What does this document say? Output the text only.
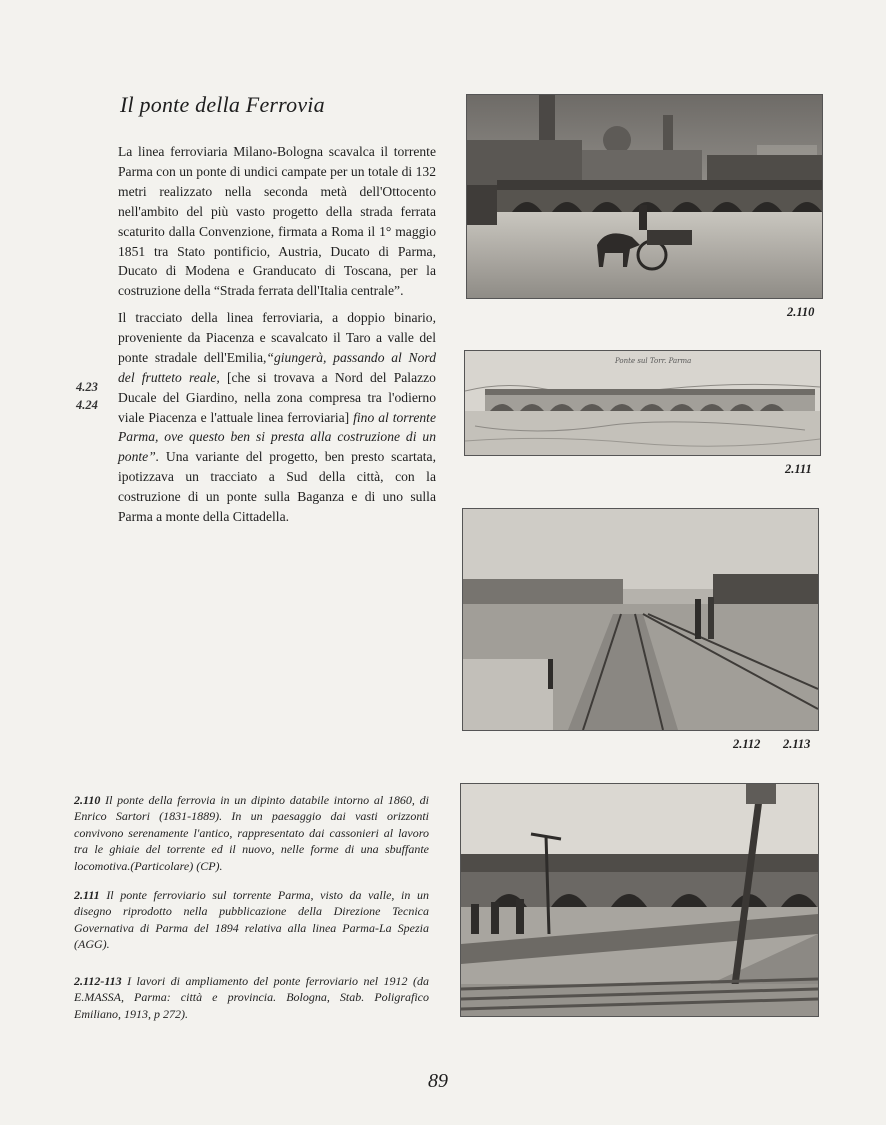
Il ponte della Ferrovia
La linea ferroviaria Milano-Bologna scavalca il torrente Parma con un ponte di undici campate per un totale di 132 metri realizzato nella seconda metà dell'Ottocento nell'ambito del più vasto progetto della strada ferrata scaturito dalla Convenzione, firmata a Roma il 1° maggio 1851 tra Stato pontificio, Austria, Ducato di Parma, Ducato di Modena e Granducato di Toscana, per la costruzione della “Strada ferrata dell'Italia centrale”.
Il tracciato della linea ferroviaria, a doppio binario, proveniente da Piacenza e scavalcato il Taro a valle del ponte stradale dell'Emilia,“giungerà, passando al Nord del frutteto reale, [che si trovava a Nord del Palazzo Ducale del Giardino, nella zona compresa tra l'odierno viale Piacenza e l'attuale linea ferroviaria] fino al torrente Parma, ove questo ben si presta alla costruzione di un ponte”. Una variante del progetto, ben presto scartata, ipotizzava un tracciato a Sud della città, con la costruzione di un ponte sulla Baganza e di uno sulla Parma a monte della Cittadella.
4.23
4.24
2.110
Ponte sul Torr. Parma
2.111
2.112 2.113
2.110 Il ponte della ferrovia in un dipinto databile intorno al 1860, di Enrico Sartori (1831-1889). In un paesaggio dai vasti orizzonti convivono serenamente l'antico, rappresentato dai cassonieri al lavoro tra le ghiaie del torrente ed il nuovo, nelle forme di una sbuffante locomotiva.(Particolare) (CP).
2.111 Il ponte ferroviario sul torrente Parma, visto da valle, in un disegno riprodotto nella pubblicazione della Direzione Tecnica Governativa di Parma del 1894 relativa alla linea Parma-La Spezia (AGG).
2.112-113 I lavori di ampliamento del ponte ferroviario nel 1912 (da E.MASSA, Parma: città e provincia. Bologna, Stab. Poligrafico Emiliano, 1913, p 272).
89
